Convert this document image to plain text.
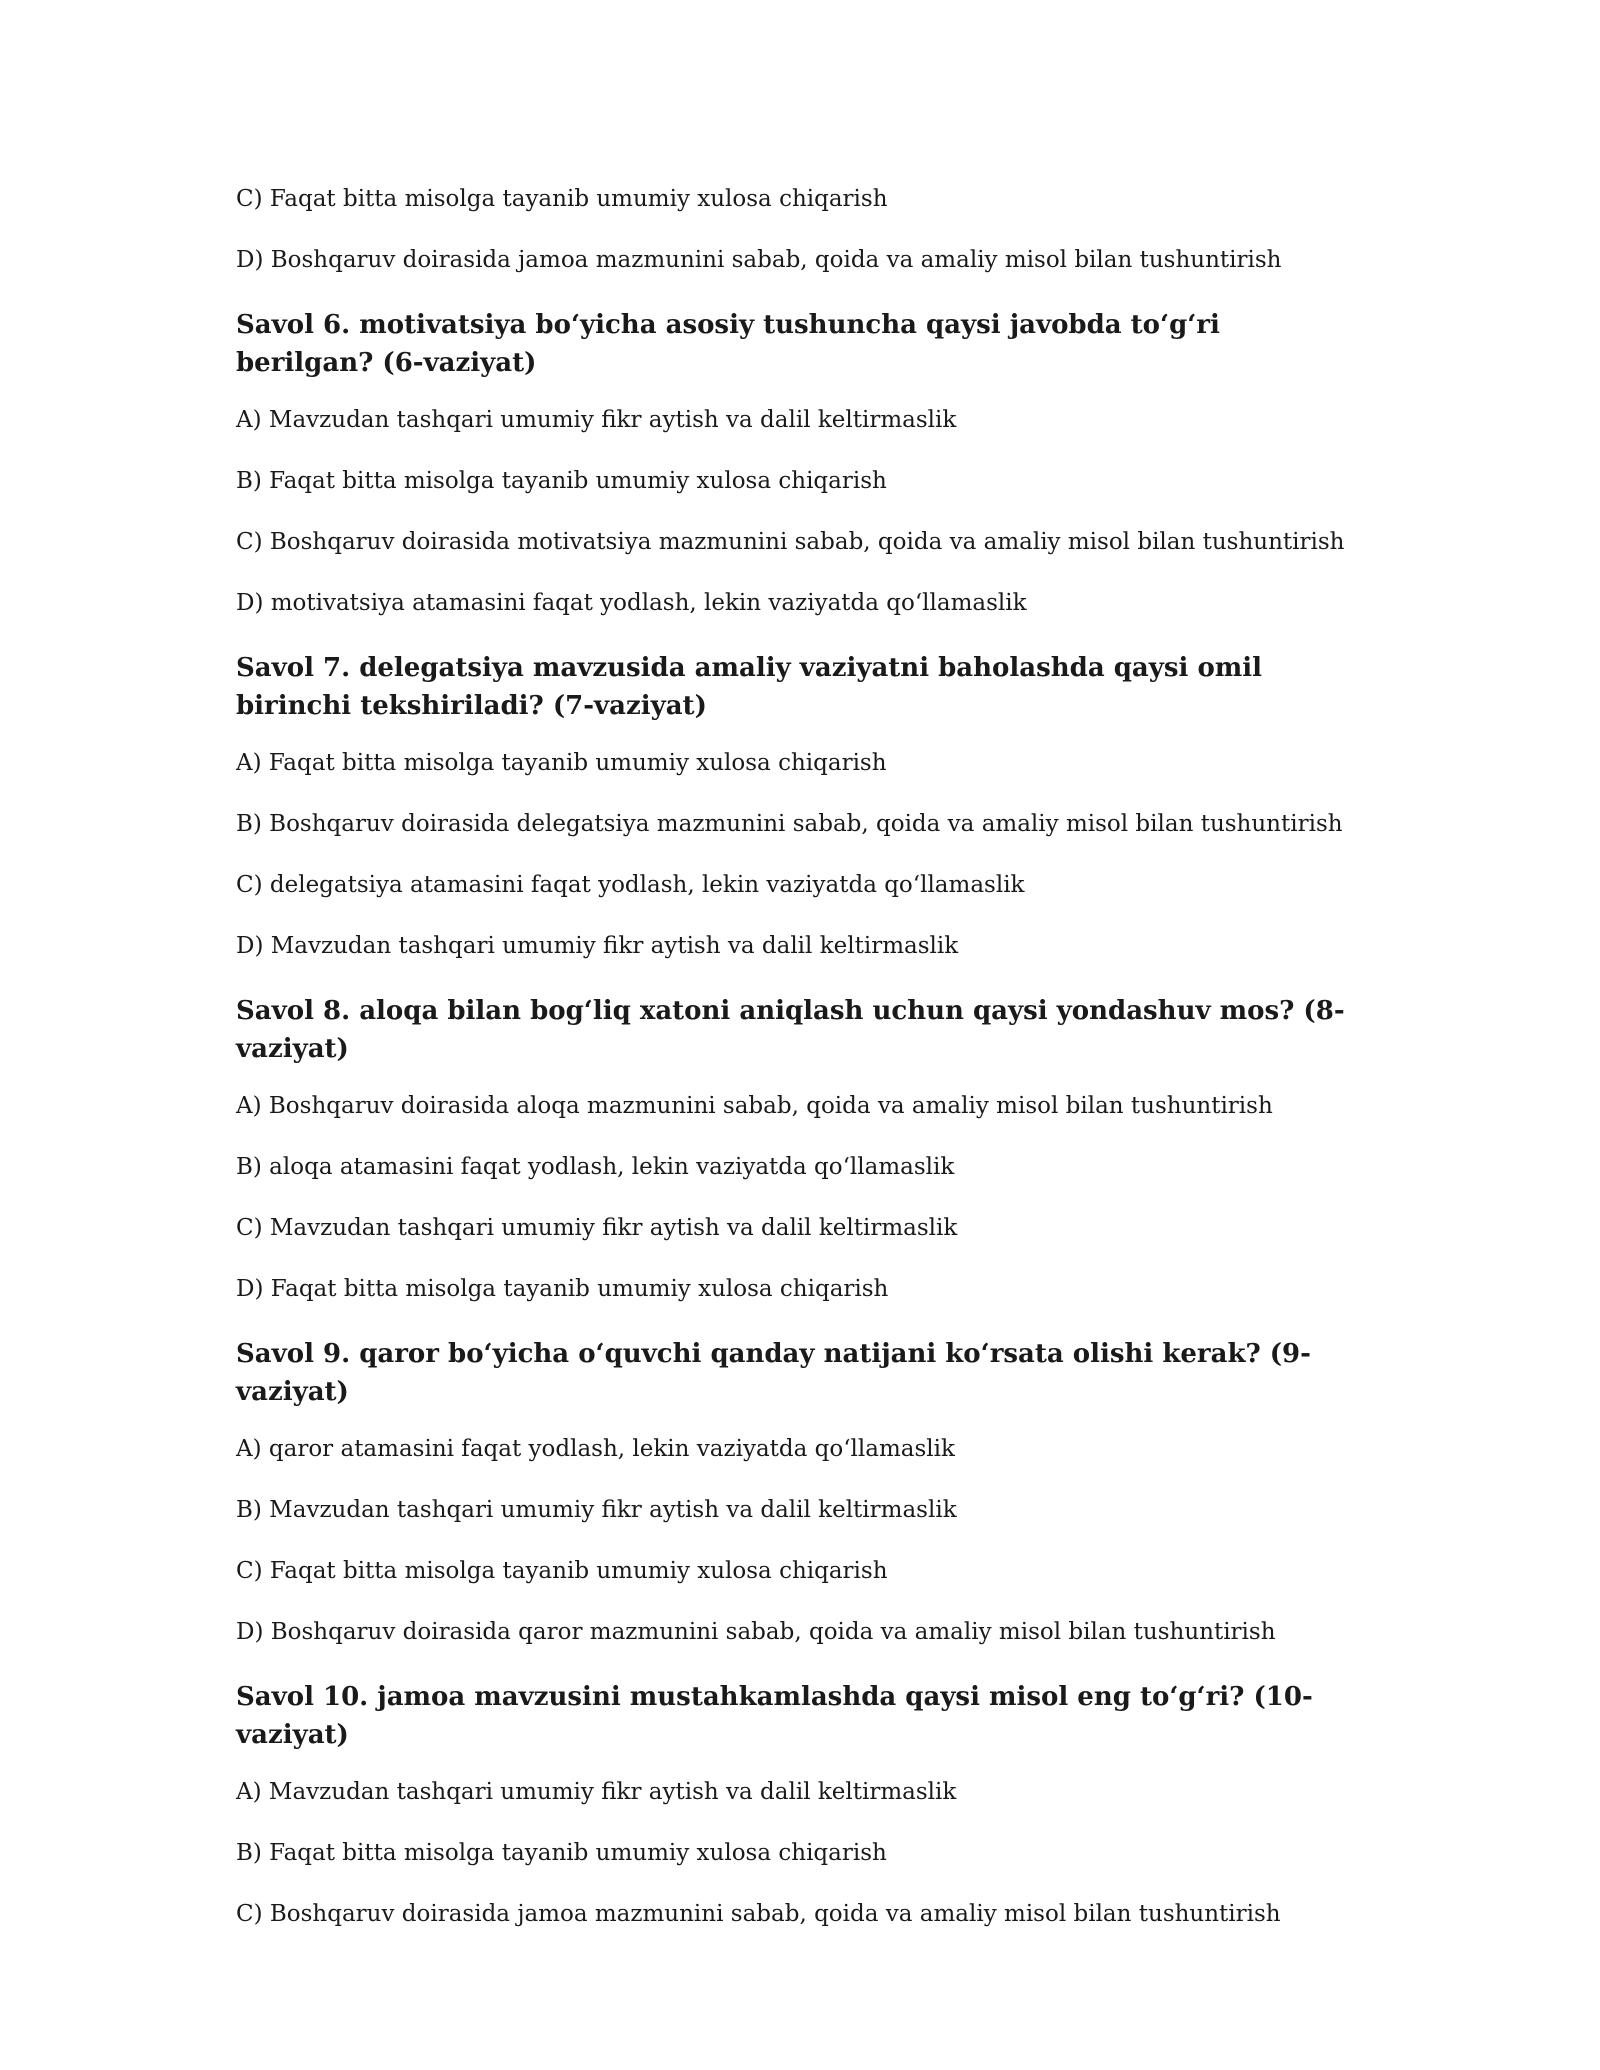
C) Faqat bitta misolga tayanib umumiy xulosa chiqarish

D) Boshqaruv doirasida jamoa mazmunini sabab, qoida va amaliy misol bilan tushuntirish

Savol 6. motivatsiya bo‘yicha asosiy tushuncha qaysi javobda to‘g‘ri berilgan? (6-vaziyat)

A) Mavzudan tashqari umumiy fikr aytish va dalil keltirmaslik

B) Faqat bitta misolga tayanib umumiy xulosa chiqarish

C) Boshqaruv doirasida motivatsiya mazmunini sabab, qoida va amaliy misol bilan tushuntirish

D) motivatsiya atamasini faqat yodlash, lekin vaziyatda qo‘llamaslik

Savol 7. delegatsiya mavzusida amaliy vaziyatni baholashda qaysi omil birinchi tekshiriladi? (7-vaziyat)

A) Faqat bitta misolga tayanib umumiy xulosa chiqarish

B) Boshqaruv doirasida delegatsiya mazmunini sabab, qoida va amaliy misol bilan tushuntirish

C) delegatsiya atamasini faqat yodlash, lekin vaziyatda qo‘llamaslik

D) Mavzudan tashqari umumiy fikr aytish va dalil keltirmaslik

Savol 8. aloqa bilan bog‘liq xatoni aniqlash uchun qaysi yondashuv mos? (8-vaziyat)

A) Boshqaruv doirasida aloqa mazmunini sabab, qoida va amaliy misol bilan tushuntirish

B) aloqa atamasini faqat yodlash, lekin vaziyatda qo‘llamaslik

C) Mavzudan tashqari umumiy fikr aytish va dalil keltirmaslik

D) Faqat bitta misolga tayanib umumiy xulosa chiqarish

Savol 9. qaror bo‘yicha o‘quvchi qanday natijani ko‘rsata olishi kerak? (9-vaziyat)

A) qaror atamasini faqat yodlash, lekin vaziyatda qo‘llamaslik

B) Mavzudan tashqari umumiy fikr aytish va dalil keltirmaslik

C) Faqat bitta misolga tayanib umumiy xulosa chiqarish

D) Boshqaruv doirasida qaror mazmunini sabab, qoida va amaliy misol bilan tushuntirish

Savol 10. jamoa mavzusini mustahkamlashda qaysi misol eng to‘g‘ri? (10-vaziyat)

A) Mavzudan tashqari umumiy fikr aytish va dalil keltirmaslik

B) Faqat bitta misolga tayanib umumiy xulosa chiqarish

C) Boshqaruv doirasida jamoa mazmunini sabab, qoida va amaliy misol bilan tushuntirish
